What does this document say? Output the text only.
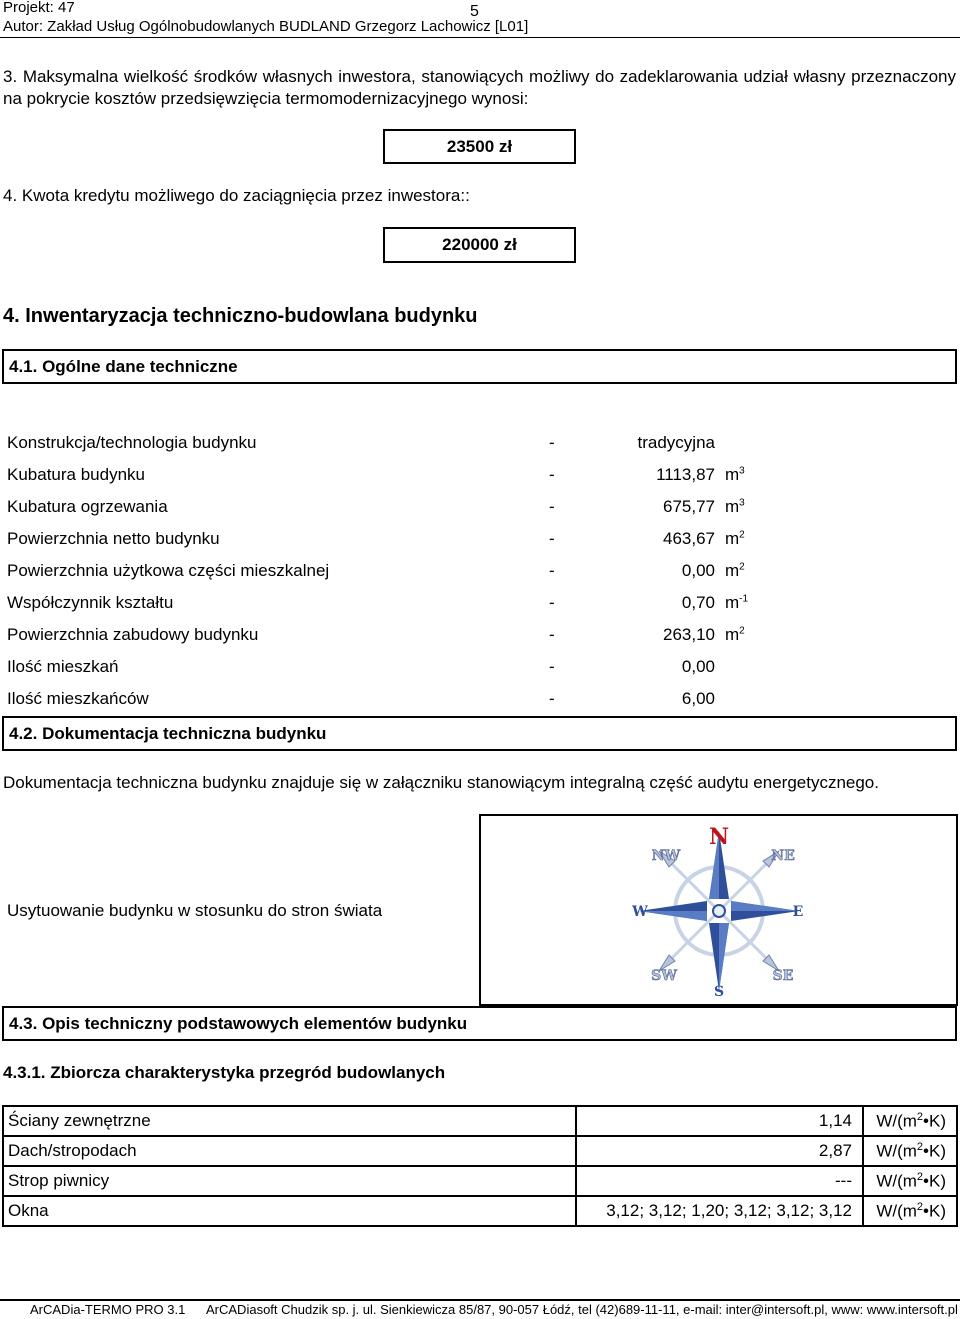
Projekt: 47	5
Autor: Zakład Usług Ogólnobudowlanych BUDLAND Grzegorz Lachowicz [L01]
3. Maksymalna wielkość środków własnych inwestora, stanowiących możliwy do zadeklarowania udział własny przeznaczony na pokrycie kosztów przedsięwzięcia termomodernizacyjnego wynosi:
23500 zł
4. Kwota kredytu możliwego do zaciągnięcia przez inwestora::
220000 zł
4. Inwentaryzacja techniczno-budowlana budynku
4.1. Ogólne dane techniczne
Konstrukcja/technologia budynku	-	tradycyjna
Kubatura budynku	-	1113,87 $m^3$
Kubatura ogrzewania	-	675,77 $m^3$
Powierzchnia netto budynku	-	463,67 $m^2$
Powierzchnia użytkowa części mieszkalnej	-	0,00 $m^2$
Współczynnik kształtu	-	0,70 $m^{-1}$
Powierzchnia zabudowy budynku	-	263,10 $m^2$
Ilość mieszkań	-	0,00
Ilość mieszkańców	-	6,00
4.2. Dokumentacja techniczna budynku
Dokumentacja techniczna budynku znajduje się w załączniku stanowiącym integralną część audytu energetycznego.
Usytuowanie budynku w stosunku do stron świata
N
NE
E
SE
S
SW
W
NW
4.3. Opis techniczny podstawowych elementów budynku
4.3.1. Zbiorcza charakterystyka przegród budowlanych
Ściany zewnętrzne	1,14	$W/(m^2•K)$
Dach/stropodach	2,87	$W/(m^2•K)$
Strop piwnicy	---	$W/(m^2•K)$
Okna	3,12; 3,12; 1,20; 3,12; 3,12; 3,12	$W/(m^2•K)$
ArCADia-TERMO PRO 3.1 ArCADiasoft Chudzik sp. j. ul. Sienkiewicza 85/87, 90-057 Łódź, tel (42)689-11-11, e-mail: inter@intersoft.pl, www: www.intersoft.pl
